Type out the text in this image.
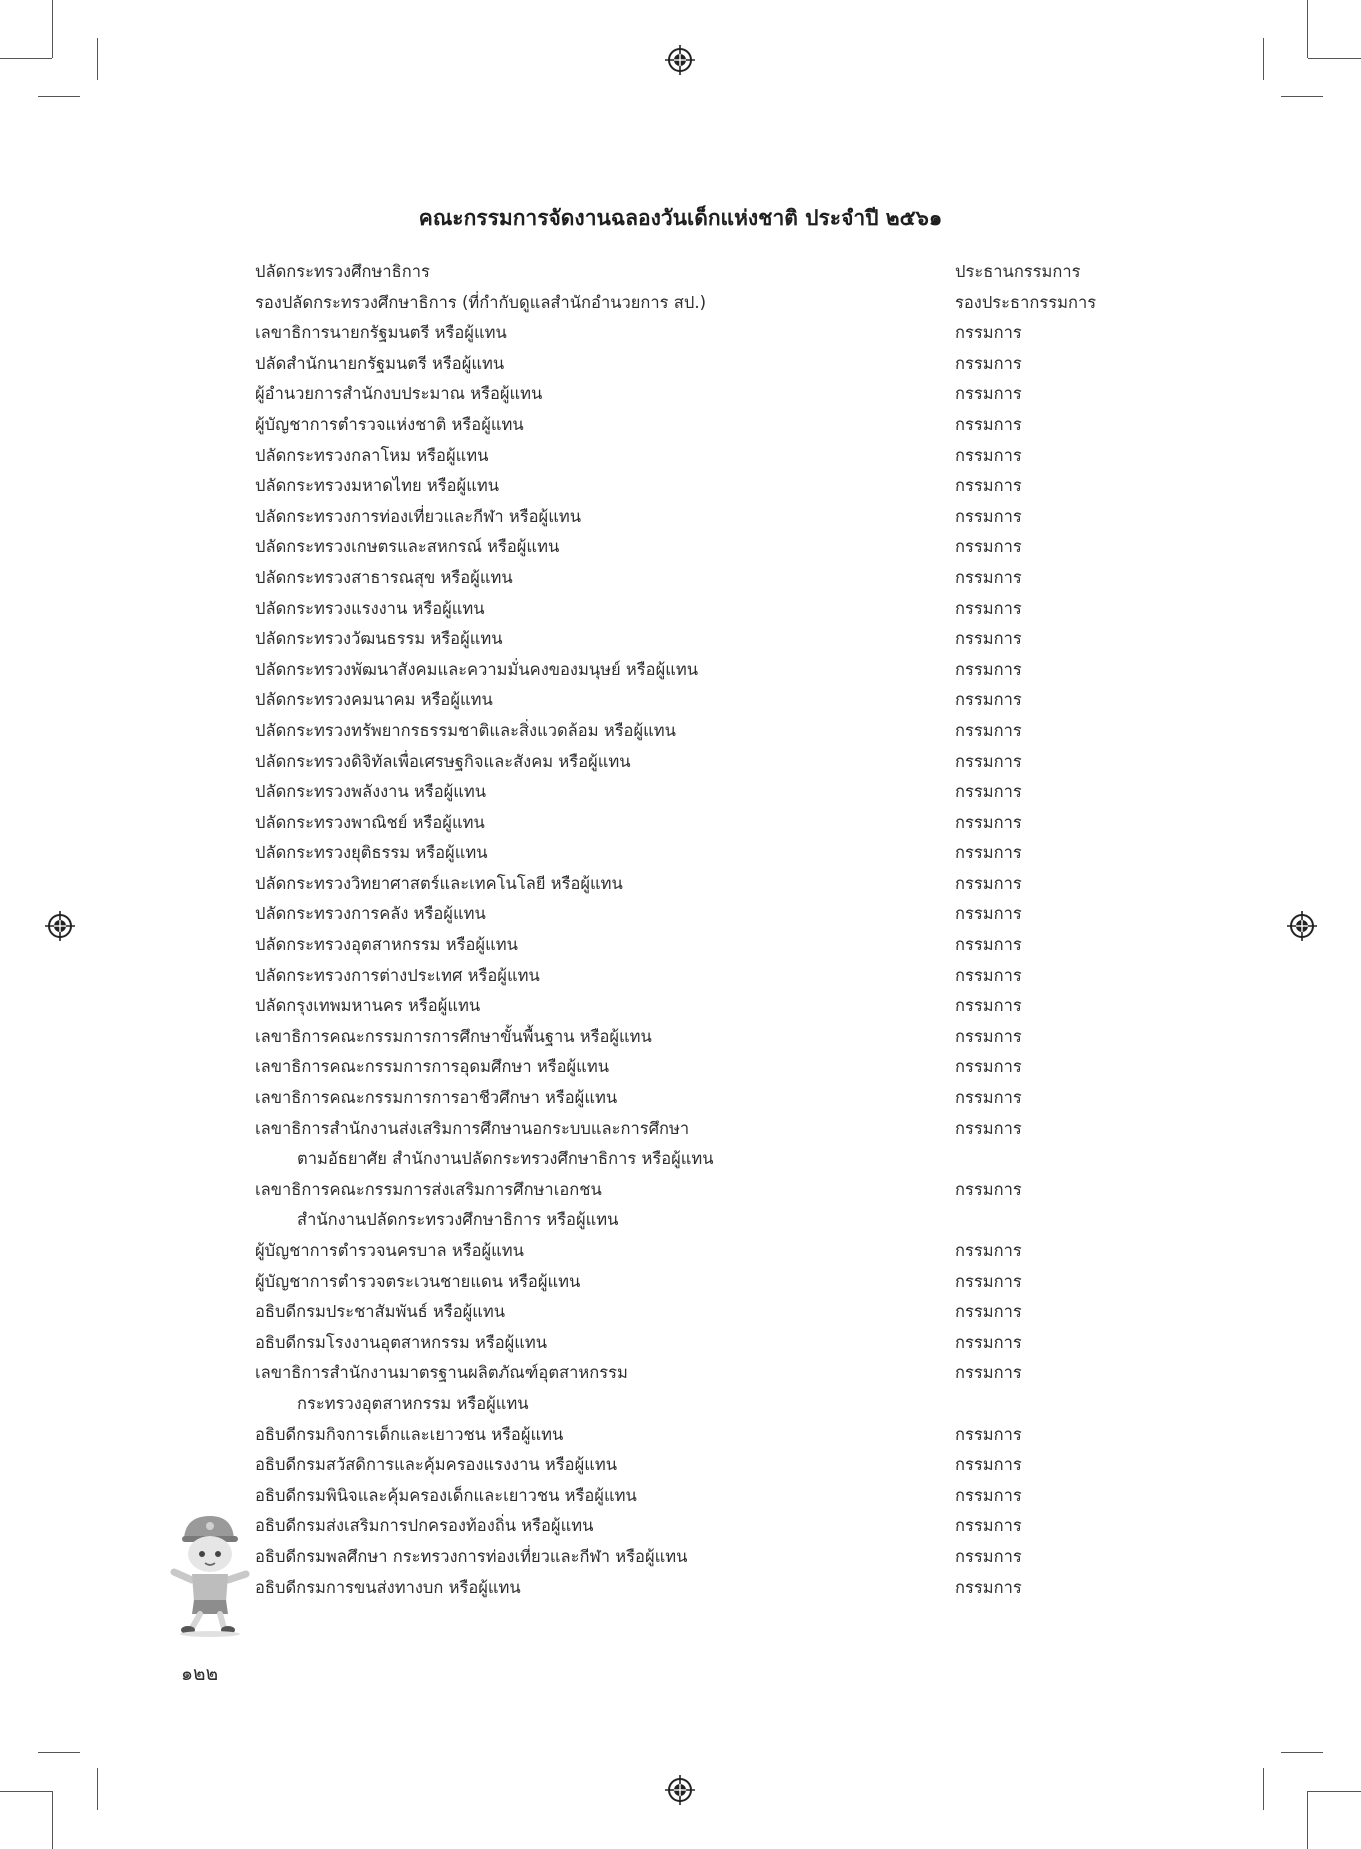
คณะกรรมการจัดงานฉลองวันเด็กแห่งชาติ ประจำปี ๒๕๖๑
ปลัดกระทรวงศึกษาธิการ	ประธานกรรมการ
รองปลัดกระทรวงศึกษาธิการ (ที่กำกับดูแลสำนักอำนวยการ สป.)	รองประธากรรมการ
เลขาธิการนายกรัฐมนตรี หรือผู้แทน	กรรมการ
ปลัดสำนักนายกรัฐมนตรี หรือผู้แทน	กรรมการ
ผู้อำนวยการสำนักงบประมาณ หรือผู้แทน	กรรมการ
ผู้บัญชาการตำรวจแห่งชาติ หรือผู้แทน	กรรมการ
ปลัดกระทรวงกลาโหม หรือผู้แทน	กรรมการ
ปลัดกระทรวงมหาดไทย หรือผู้แทน	กรรมการ
ปลัดกระทรวงการท่องเที่ยวและกีฬา หรือผู้แทน	กรรมการ
ปลัดกระทรวงเกษตรและสหกรณ์ หรือผู้แทน	กรรมการ
ปลัดกระทรวงสาธารณสุข หรือผู้แทน	กรรมการ
ปลัดกระทรวงแรงงาน หรือผู้แทน	กรรมการ
ปลัดกระทรวงวัฒนธรรม หรือผู้แทน	กรรมการ
ปลัดกระทรวงพัฒนาสังคมและความมั่นคงของมนุษย์ หรือผู้แทน	กรรมการ
ปลัดกระทรวงคมนาคม หรือผู้แทน	กรรมการ
ปลัดกระทรวงทรัพยากรธรรมชาติและสิ่งแวดล้อม หรือผู้แทน	กรรมการ
ปลัดกระทรวงดิจิทัลเพื่อเศรษฐกิจและสังคม หรือผู้แทน	กรรมการ
ปลัดกระทรวงพลังงาน หรือผู้แทน	กรรมการ
ปลัดกระทรวงพาณิชย์ หรือผู้แทน	กรรมการ
ปลัดกระทรวงยุติธรรม หรือผู้แทน	กรรมการ
ปลัดกระทรวงวิทยาศาสตร์และเทคโนโลยี หรือผู้แทน	กรรมการ
ปลัดกระทรวงการคลัง หรือผู้แทน	กรรมการ
ปลัดกระทรวงอุตสาหกรรม หรือผู้แทน	กรรมการ
ปลัดกระทรวงการต่างประเทศ หรือผู้แทน	กรรมการ
ปลัดกรุงเทพมหานคร หรือผู้แทน	กรรมการ
เลขาธิการคณะกรรมการการศึกษาขั้นพื้นฐาน หรือผู้แทน	กรรมการ
เลขาธิการคณะกรรมการการอุดมศึกษา หรือผู้แทน	กรรมการ
เลขาธิการคณะกรรมการการอาชีวศึกษา หรือผู้แทน	กรรมการ
เลขาธิการสำนักงานส่งเสริมการศึกษานอกระบบและการศึกษา	กรรมการ
ตามอัธยาศัย สำนักงานปลัดกระทรวงศึกษาธิการ หรือผู้แทน
เลขาธิการคณะกรรมการส่งเสริมการศึกษาเอกชน	กรรมการ
สำนักงานปลัดกระทรวงศึกษาธิการ หรือผู้แทน
ผู้บัญชาการตำรวจนครบาล หรือผู้แทน	กรรมการ
ผู้บัญชาการตำรวจตระเวนชายแดน หรือผู้แทน	กรรมการ
อธิบดีกรมประชาสัมพันธ์ หรือผู้แทน	กรรมการ
อธิบดีกรมโรงงานอุตสาหกรรม หรือผู้แทน	กรรมการ
เลขาธิการสำนักงานมาตรฐานผลิตภัณฑ์อุตสาหกรรม	กรรมการ
กระทรวงอุตสาหกรรม หรือผู้แทน
อธิบดีกรมกิจการเด็กและเยาวชน หรือผู้แทน	กรรมการ
อธิบดีกรมสวัสดิการและคุ้มครองแรงงาน หรือผู้แทน	กรรมการ
อธิบดีกรมพินิจและคุ้มครองเด็กและเยาวชน หรือผู้แทน	กรรมการ
อธิบดีกรมส่งเสริมการปกครองท้องถิ่น หรือผู้แทน	กรรมการ
อธิบดีกรมพลศึกษา กระทรวงการท่องเที่ยวและกีฬา หรือผู้แทน	กรรมการ
อธิบดีกรมการขนส่งทางบก หรือผู้แทน	กรรมการ
๑๒๒
